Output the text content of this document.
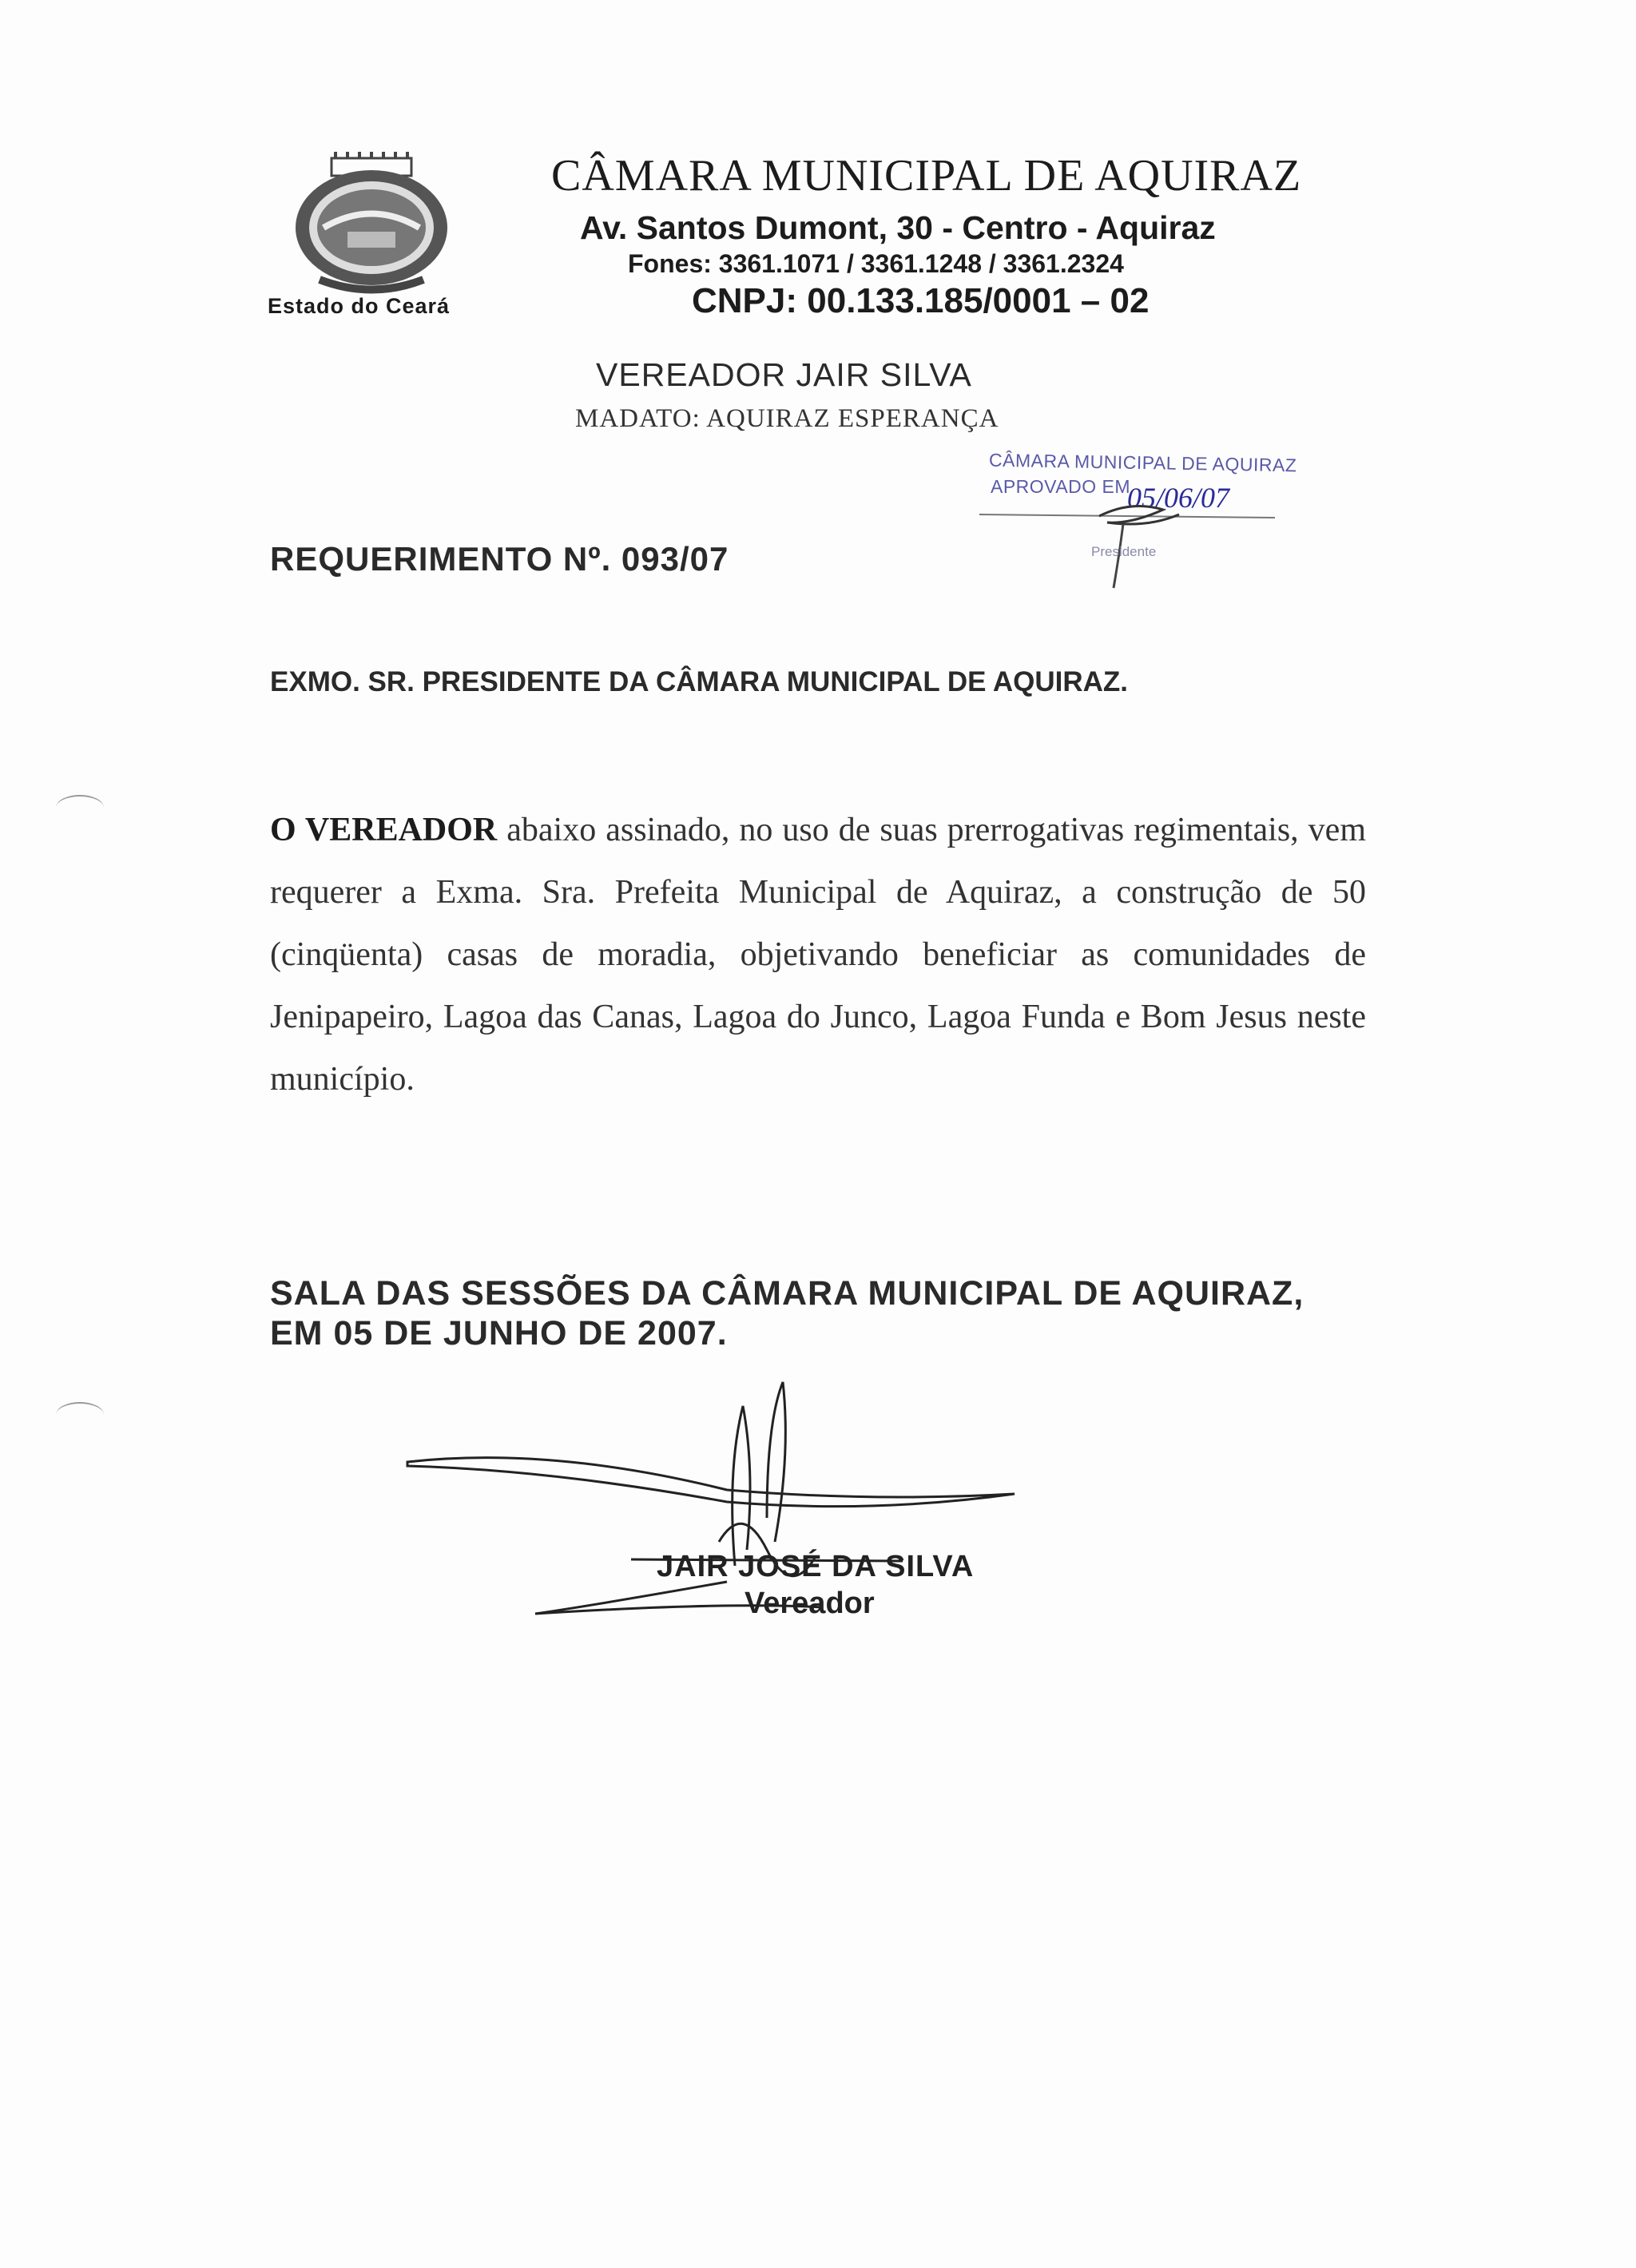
Estado do Ceará
CÂMARA MUNICIPAL DE AQUIRAZ
Av. Santos Dumont, 30 - Centro - Aquiraz
Fones: 3361.1071 / 3361.1248 / 3361.2324
CNPJ: 00.133.185/0001 – 02
VEREADOR JAIR SILVA
MADATO: AQUIRAZ ESPERANÇA
CÂMARA MUNICIPAL DE AQUIRAZ
APROVADO EM
05/06/07
Presidente
REQUERIMENTO Nº. 093/07
EXMO. SR. PRESIDENTE DA CÂMARA MUNICIPAL DE AQUIRAZ.
O VEREADOR abaixo assinado, no uso de suas prerrogativas regimentais, vem requerer a Exma. Sra. Prefeita Municipal de Aquiraz, a construção de 50 (cinqüenta) casas de moradia, objetivando beneficiar as comunidades de Jenipapeiro, Lagoa das Canas, Lagoa do Junco, Lagoa Funda e Bom Jesus neste município.
SALA DAS SESSÕES DA CÂMARA MUNICIPAL DE AQUIRAZ,
EM 05 DE JUNHO DE 2007.
JAIR JOSÉ DA SILVA
Vereador
